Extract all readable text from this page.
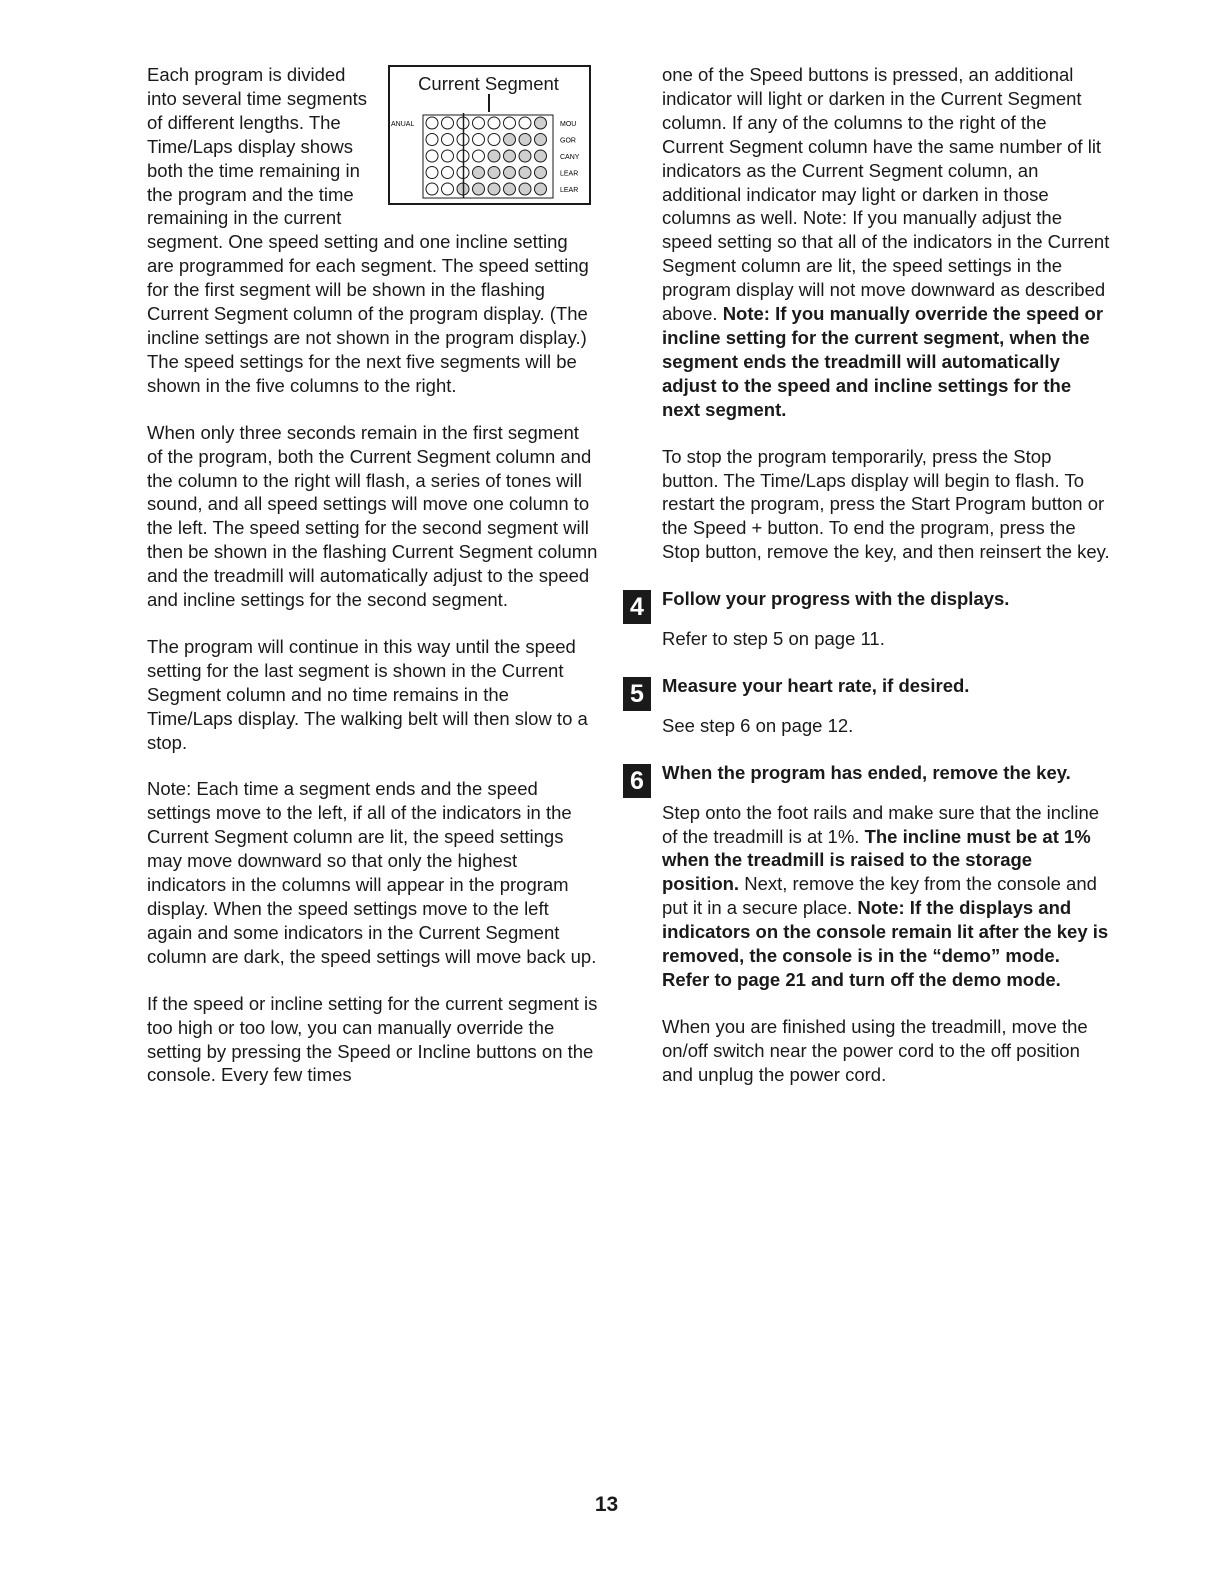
Current Segment
ANUAL	MOU
GOR
CANY
LEAR
LEAR
Each program is divided into several time segments of different lengths. The Time/Laps display shows both the time remaining in the program and the time remaining in the current segment. One speed setting and one incline setting are programmed for each segment. The speed setting for the first segment will be shown in the flashing Current Segment column of the program display. (The incline settings are not shown in the program display.) The speed settings for the next five segments will be shown in the five columns to the right.

When only three seconds remain in the first segment of the program, both the Current Segment column and the column to the right will flash, a series of tones will sound, and all speed settings will move one column to the left. The speed setting for the second segment will then be shown in the flashing Current Segment column and the treadmill will automatically adjust to the speed and incline settings for the second segment.

The program will continue in this way until the speed setting for the last segment is shown in the Current Segment column and no time remains in the Time/Laps display. The walking belt will then slow to a stop.

Note: Each time a segment ends and the speed settings move to the left, if all of the indicators in the Current Segment column are lit, the speed settings may move downward so that only the highest indicators in the columns will appear in the program display. When the speed settings move to the left again and some indicators in the Current Segment column are dark, the speed settings will move back up.

If the speed or incline setting for the current segment is too high or too low, you can manually override the setting by pressing the Speed or Incline buttons on the console. Every few times

one of the Speed buttons is pressed, an additional indicator will light or darken in the Current Segment column. If any of the columns to the right of the Current Segment column have the same number of lit indicators as the Current Segment column, an additional indicator may light or darken in those columns as well. Note: If you manually adjust the speed setting so that all of the indicators in the Current Segment column are lit, the speed settings in the program display will not move downward as described above. Note: If you manually override the speed or incline setting for the current segment, when the segment ends the treadmill will automatically adjust to the speed and incline settings for the next segment.

To stop the program temporarily, press the Stop button. The Time/Laps display will begin to flash. To restart the program, press the Start Program button or the Speed + button. To end the program, press the Stop button, remove the key, and then reinsert the key.

4 Follow your progress with the displays.

Refer to step 5 on page 11.

5 Measure your heart rate, if desired.

See step 6 on page 12.

6 When the program has ended, remove the key.

Step onto the foot rails and make sure that the incline of the treadmill is at 1%. The incline must be at 1% when the treadmill is raised to the storage position. Next, remove the key from the console and put it in a secure place. Note: If the displays and indicators on the console remain lit after the key is removed, the console is in the “demo” mode. Refer to page 21 and turn off the demo mode.

When you are finished using the treadmill, move the on/off switch near the power cord to the off position and unplug the power cord.

13
